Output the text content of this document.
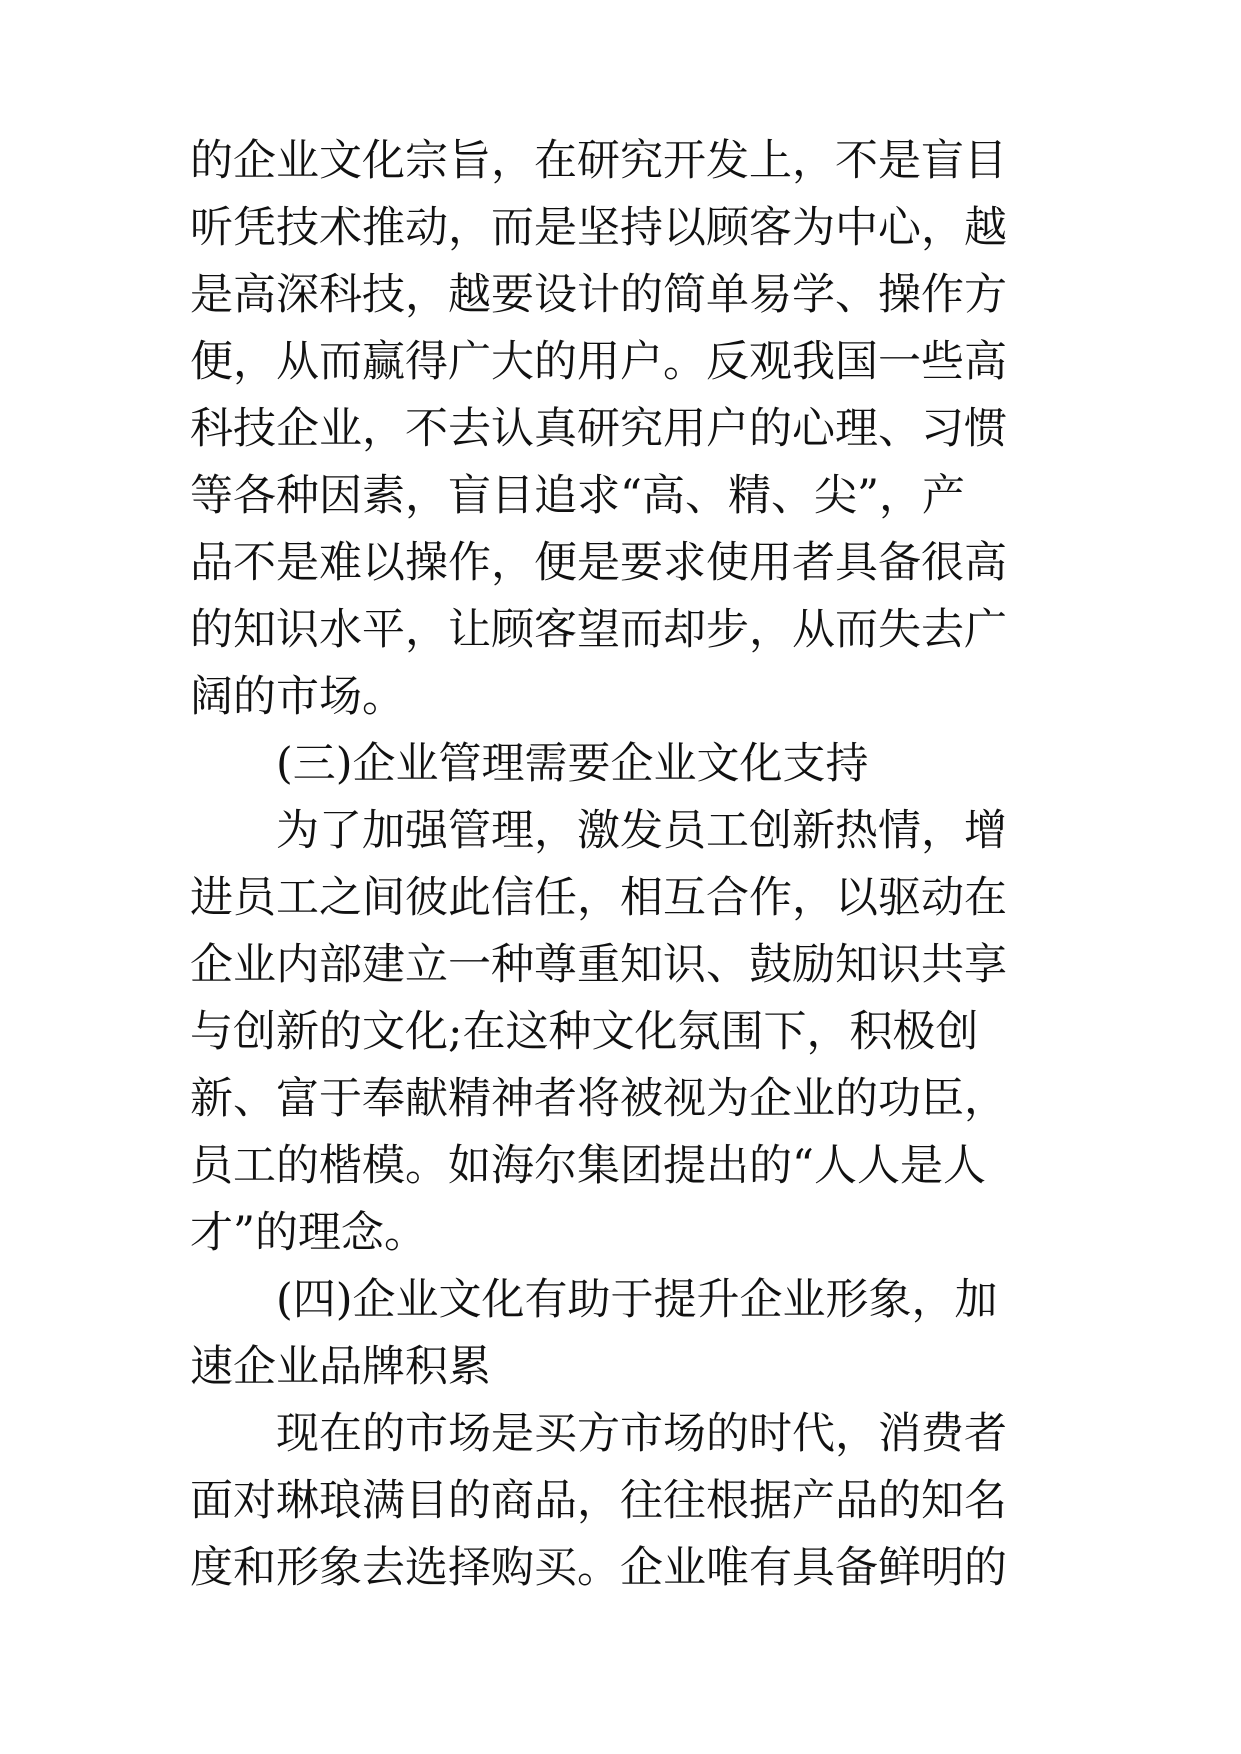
的企业文化宗旨，在研究开发上，不是盲目
听凭技术推动，而是坚持以顾客为中心，越
是高深科技，越要设计的简单易学、操作方
便，从而赢得广大的用户。反观我国一些高
科技企业，不去认真研究用户的心理、习惯
等各种因素，盲目追求“高、精、尖”，产
品不是难以操作，便是要求使用者具备很高
的知识水平，让顾客望而却步，从而失去广
阔的市场。
(三)企业管理需要企业文化支持
为了加强管理，激发员工创新热情，增
进员工之间彼此信任，相互合作，以驱动在
企业内部建立一种尊重知识、鼓励知识共享
与创新的文化;在这种文化氛围下，积极创
新、富于奉献精神者将被视为企业的功臣，
员工的楷模。如海尔集团提出的“人人是人
才”的理念。
(四)企业文化有助于提升企业形象，加
速企业品牌积累
现在的市场是买方市场的时代，消费者
面对琳琅满目的商品，往往根据产品的知名
度和形象去选择购买。企业唯有具备鲜明的
